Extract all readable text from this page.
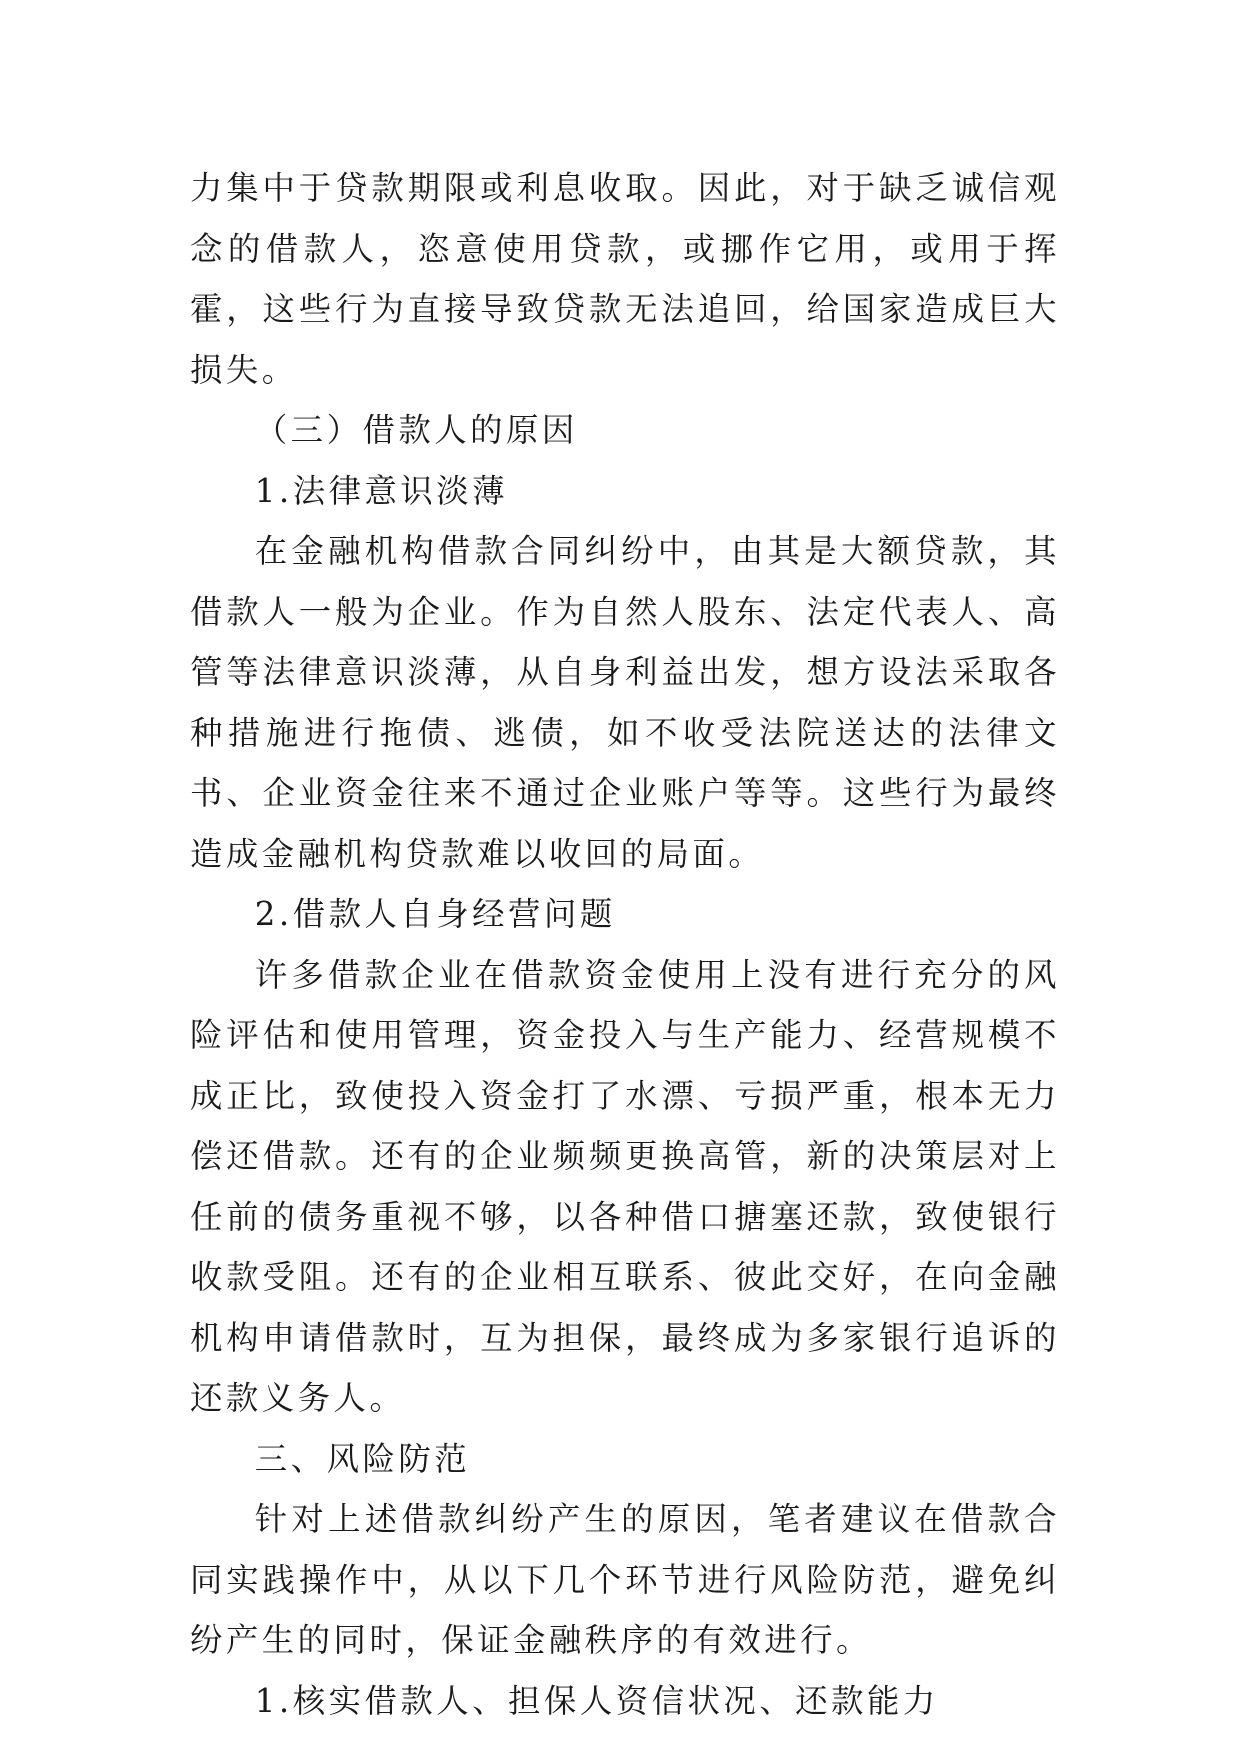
力集中于贷款期限或利息收取。因此，对于缺乏诚信观念的借款人，恣意使用贷款，或挪作它用，或用于挥霍，这些行为直接导致贷款无法追回，给国家造成巨大损失。

（三）借款人的原因

1.法律意识淡薄

在金融机构借款合同纠纷中，由其是大额贷款，其借款人一般为企业。作为自然人股东、法定代表人、高管等法律意识淡薄，从自身利益出发，想方设法采取各种措施进行拖债、逃债，如不收受法院送达的法律文书、企业资金往来不通过企业账户等等。这些行为最终造成金融机构贷款难以收回的局面。

2.借款人自身经营问题

许多借款企业在借款资金使用上没有进行充分的风险评估和使用管理，资金投入与生产能力、经营规模不成正比，致使投入资金打了水漂、亏损严重，根本无力偿还借款。还有的企业频频更换高管，新的决策层对上任前的债务重视不够，以各种借口搪塞还款，致使银行收款受阻。还有的企业相互联系、彼此交好，在向金融机构申请借款时，互为担保，最终成为多家银行追诉的还款义务人。

三、风险防范

针对上述借款纠纷产生的原因，笔者建议在借款合同实践操作中，从以下几个环节进行风险防范，避免纠纷产生的同时，保证金融秩序的有效进行。

1.核实借款人、担保人资信状况、还款能力
